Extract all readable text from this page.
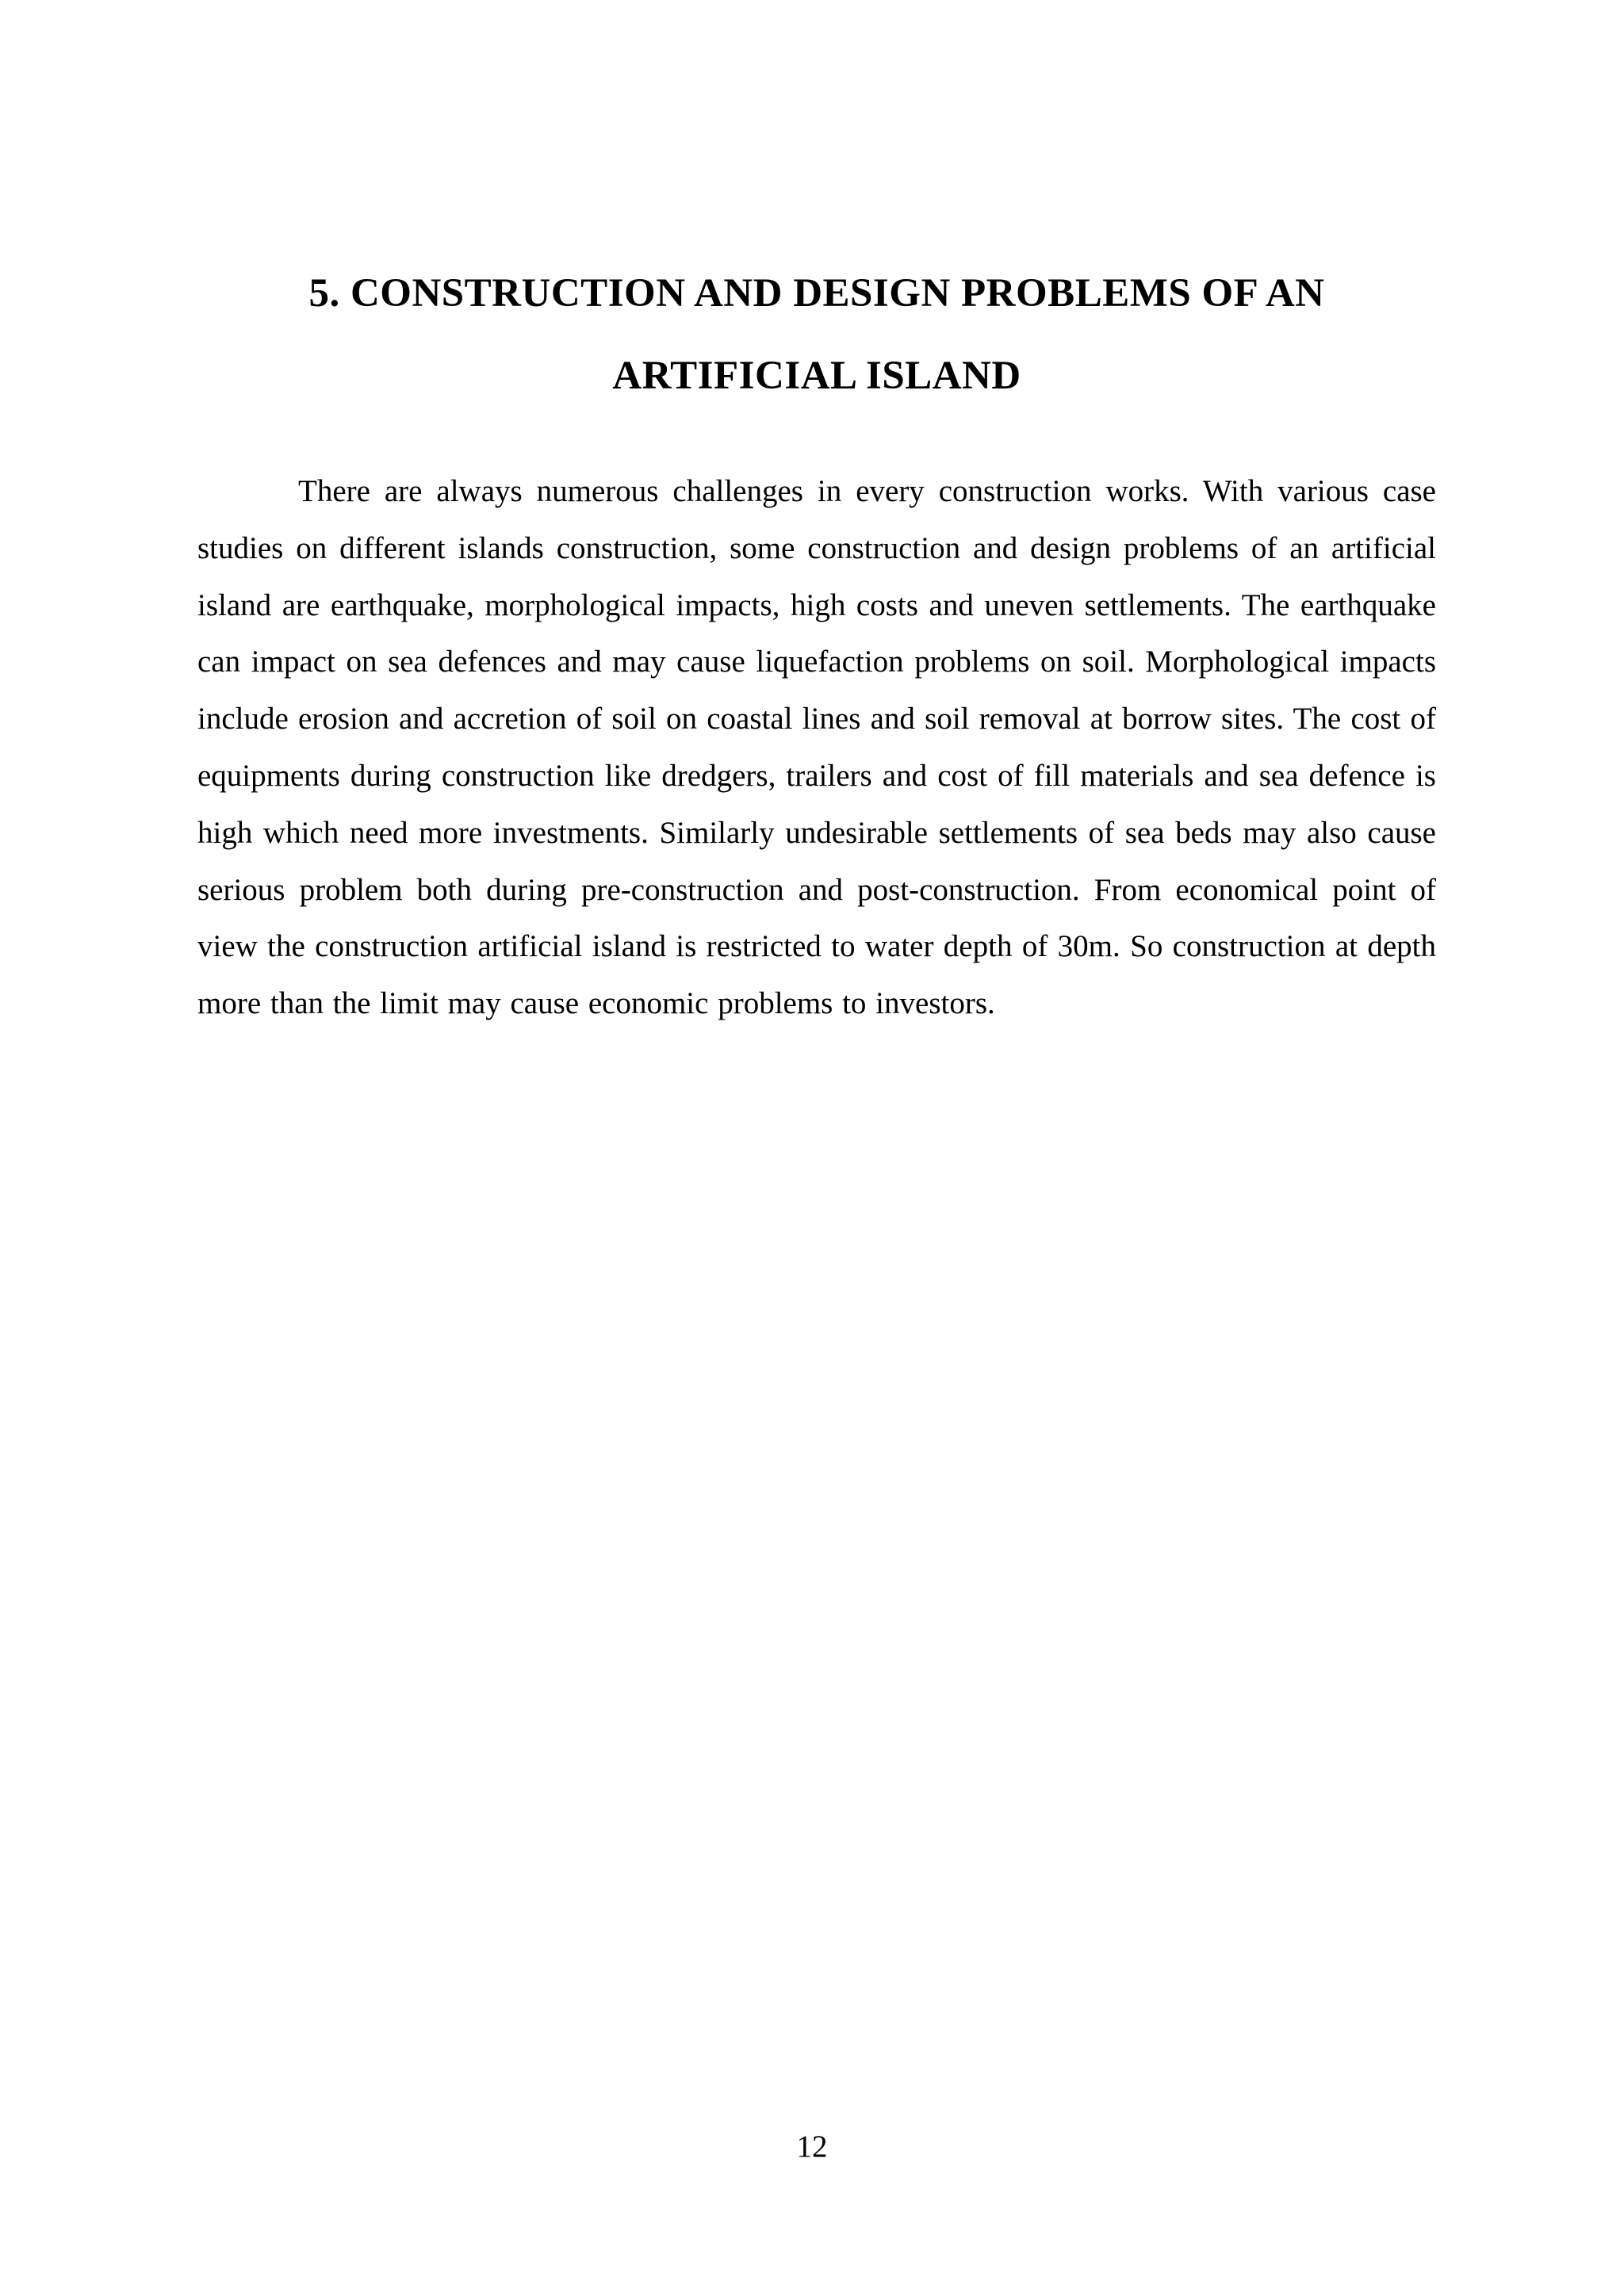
5. CONSTRUCTION AND DESIGN PROBLEMS OF AN
ARTIFICIAL ISLAND

There are always numerous challenges in every construction works. With various case studies on different islands construction, some construction and design problems of an artificial island are earthquake, morphological impacts, high costs and uneven settlements. The earthquake can impact on sea defences and may cause liquefaction problems on soil. Morphological impacts include erosion and accretion of soil on coastal lines and soil removal at borrow sites. The cost of equipments during construction like dredgers, trailers and cost of fill materials and sea defence is high which need more investments. Similarly undesirable settlements of sea beds may also cause serious problem both during pre-construction and post-construction. From economical point of view the construction artificial island is restricted to water depth of 30m. So construction at depth more than the limit may cause economic problems to investors.

12
